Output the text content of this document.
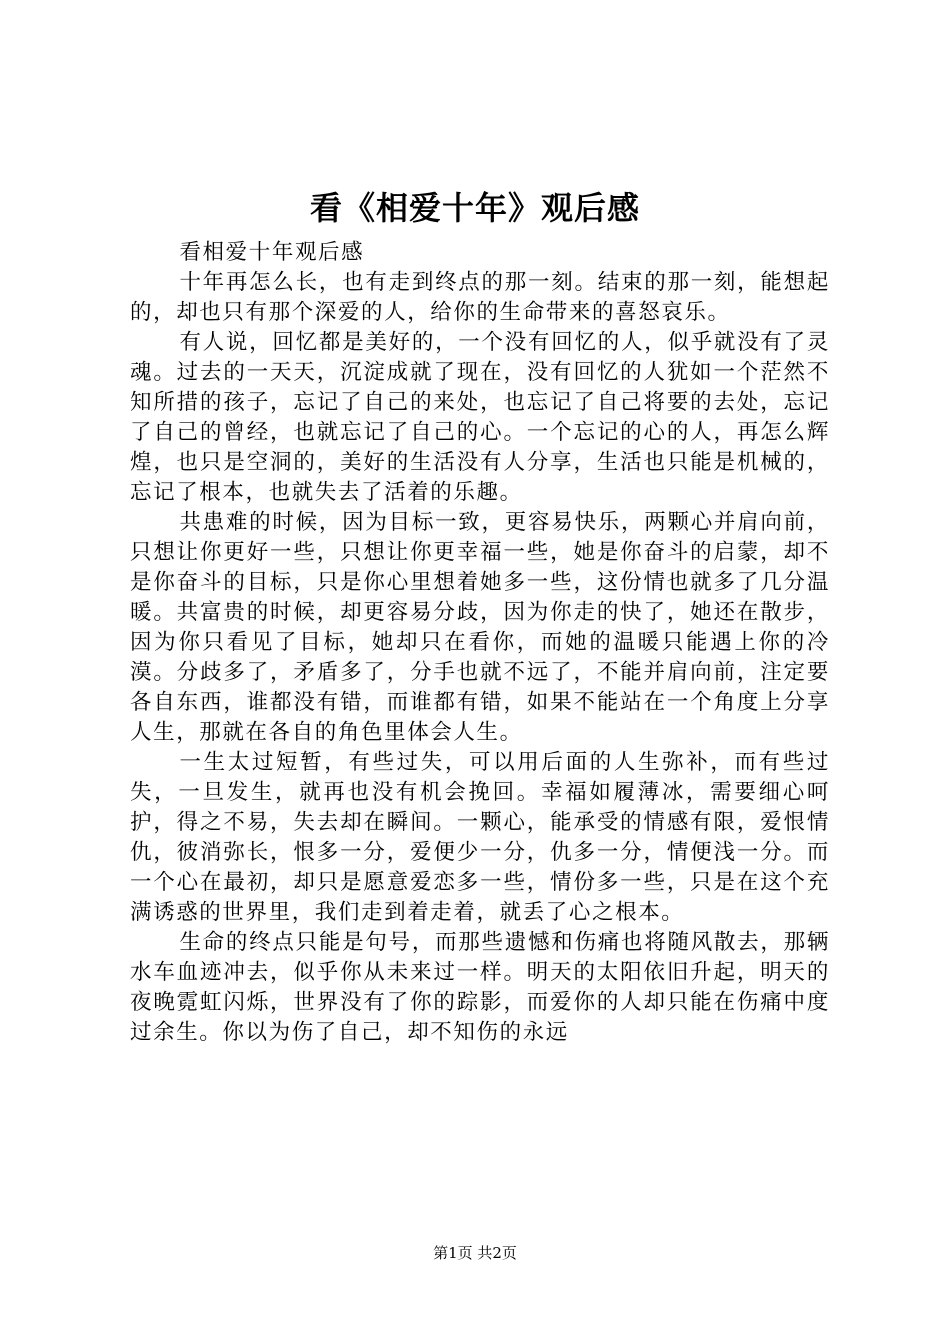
看《相爱十年》观后感

看相爱十年观后感

十年再怎么长，也有走到终点的那一刻。结束的那一刻，能想起的，却也只有那个深爱的人，给你的生命带来的喜怒哀乐。

有人说，回忆都是美好的，一个没有回忆的人，似乎就没有了灵魂。过去的一天天，沉淀成就了现在，没有回忆的人犹如一个茫然不知所措的孩子，忘记了自己的来处，也忘记了自己将要的去处，忘记了自己的曾经，也就忘记了自己的心。一个忘记的心的人，再怎么辉煌，也只是空洞的，美好的生活没有人分享，生活也只能是机械的，忘记了根本，也就失去了活着的乐趣。

共患难的时候，因为目标一致，更容易快乐，两颗心并肩向前，只想让你更好一些，只想让你更幸福一些，她是你奋斗的启蒙，却不是你奋斗的目标，只是你心里想着她多一些，这份情也就多了几分温暖。共富贵的时候，却更容易分歧，因为你走的快了，她还在散步，因为你只看见了目标，她却只在看你，而她的温暖只能遇上你的冷漠。分歧多了，矛盾多了，分手也就不远了，不能并肩向前，注定要各自东西，谁都没有错，而谁都有错，如果不能站在一个角度上分享人生，那就在各自的角色里体会人生。

一生太过短暂，有些过失，可以用后面的人生弥补，而有些过失，一旦发生，就再也没有机会挽回。幸福如履薄冰，需要细心呵护，得之不易，失去却在瞬间。一颗心，能承受的情感有限，爱恨情仇，彼消弥长，恨多一分，爱便少一分，仇多一分，情便浅一分。而一个心在最初，却只是愿意爱恋多一些，情份多一些，只是在这个充满诱惑的世界里，我们走到着走着，就丢了心之根本。

生命的终点只能是句号，而那些遗憾和伤痛也将随风散去，那辆水车血迹冲去，似乎你从未来过一样。明天的太阳依旧升起，明天的夜晚霓虹闪烁，世界没有了你的踪影，而爱你的人却只能在伤痛中度过余生。你以为伤了自己，却不知伤的永远

第1页 共2页
